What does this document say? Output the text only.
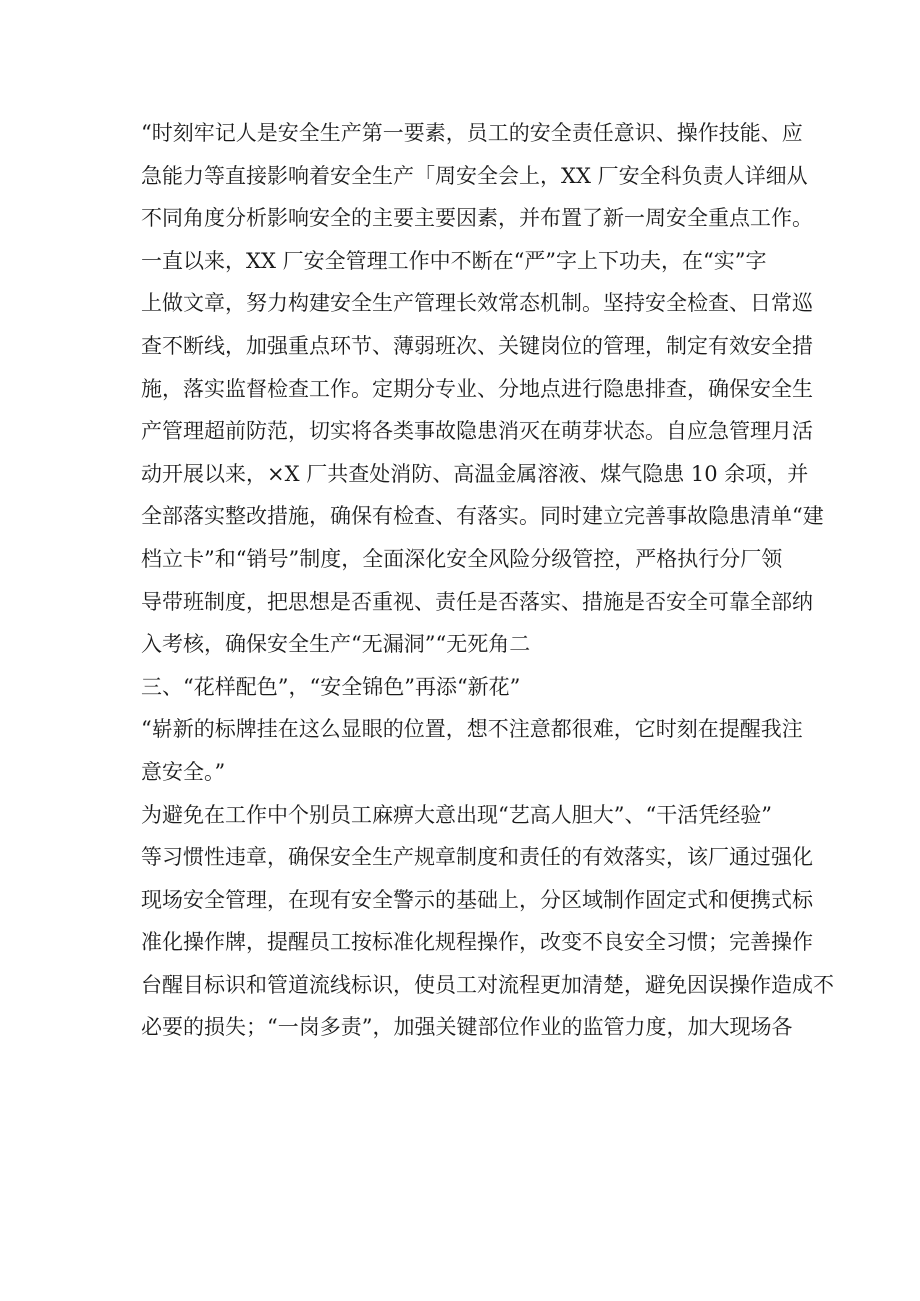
“时刻牢记人是安全生产第一要素，员工的安全责任意识、操作技能、应
急能力等直接影响着安全生产「周安全会上，XX 厂安全科负责人详细从
不同角度分析影响安全的主要主要因素，并布置了新一周安全重点工作。
一直以来，XX 厂安全管理工作中不断在“严”字上下功夫，在“实”字
上做文章，努力构建安全生产管理长效常态机制。坚持安全检查、日常巡
查不断线，加强重点环节、薄弱班次、关键岗位的管理，制定有效安全措
施，落实监督检查工作。定期分专业、分地点进行隐患排查，确保安全生
产管理超前防范，切实将各类事故隐患消灭在萌芽状态。自应急管理月活
动开展以来，×X 厂共查处消防、高温金属溶液、煤气隐患 10 余项，并
全部落实整改措施，确保有检查、有落实。同时建立完善事故隐患清单“建
档立卡”和“销号”制度，全面深化安全风险分级管控，严格执行分厂领
导带班制度，把思想是否重视、责任是否落实、措施是否安全可靠全部纳
入考核，确保安全生产“无漏洞”“无死角二
三、“花样配色”，“安全锦色”再添“新花”
“崭新的标牌挂在这么显眼的位置，想不注意都很难，它时刻在提醒我注
意安全。”
为避免在工作中个别员工麻痹大意出现“艺高人胆大”、“干活凭经验”
等习惯性违章，确保安全生产规章制度和责任的有效落实，该厂通过强化
现场安全管理，在现有安全警示的基础上，分区域制作固定式和便携式标
准化操作牌，提醒员工按标准化规程操作，改变不良安全习惯；完善操作
台醒目标识和管道流线标识，使员工对流程更加清楚，避免因误操作造成不
必要的损失；“一岗多责”，加强关键部位作业的监管力度，加大现场各
